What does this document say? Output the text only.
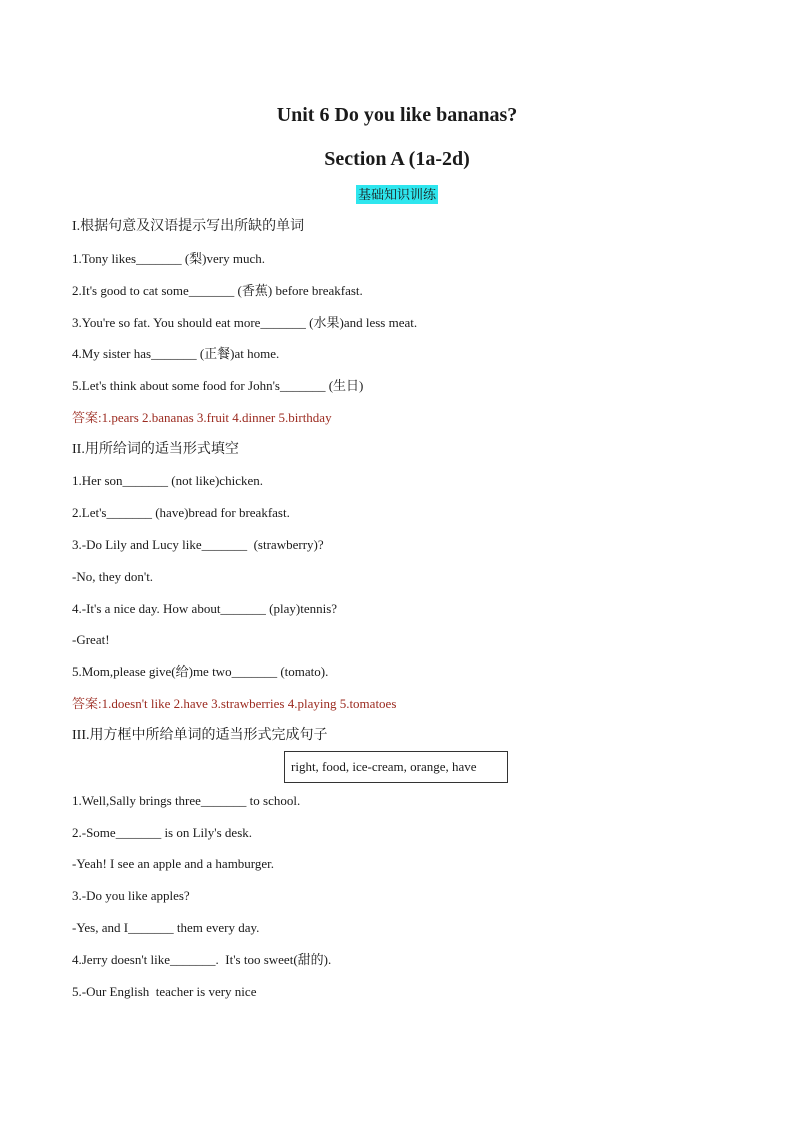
Unit 6 Do you like bananas?
Section A (1a-2d)
基础知识训练
I.根据句意及汉语提示写出所缺的单词
1.Tony likes_______ (梨)very much.
2.It's good to cat some_______ (香蕉) before breakfast.
3.You're so fat. You should eat more_______ (水果)and less meat.
4.My sister has_______ (正餐)at home.
5.Let's think about some food for John's_______ (生日)
答案:1.pears 2.bananas 3.fruit 4.dinner 5.birthday
II.用所给词的适当形式填空
1.Her son_______ (not like)chicken.
2.Let's_______ (have)bread for breakfast.
3.-Do Lily and Lucy like_______  (strawberry)?
-No, they don't.
4.-It's a nice day. How about_______ (play)tennis?
-Great!
5.Mom,please give(给)me two_______ (tomato).
答案:1.doesn't like 2.have 3.strawberries 4.playing 5.tomatoes
III.用方框中所给单词的适当形式完成句子
right, food, ice-cream, orange, have
1.Well,Sally brings three_______ to school.
2.-Some_______ is on Lily's desk.
-Yeah! I see an apple and a hamburger.
3.-Do you like apples?
-Yes, and I_______ them every day.
4.Jerry doesn't like_______.  It's too sweet(甜的).
5.-Our English  teacher is very nice
